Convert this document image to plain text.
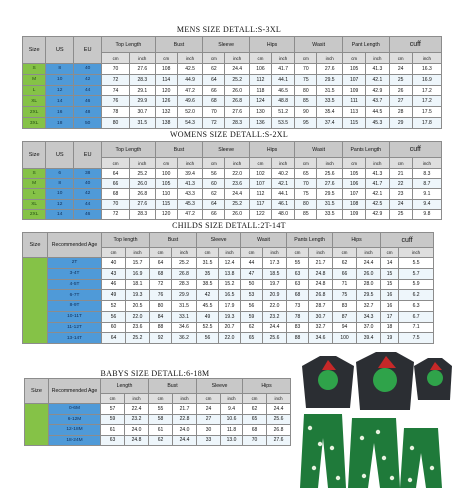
MENS SIZE DETALL:S-3XL
Size	US	EU	Top Length		Bust		Sleeve		Hips		Wasit		Pant Length		cuff	
			cm	inch	cm	inch	cm	inch	cm	inch	cm	inch	cm	inch	cm	inch
S	8	40	70	27.6	108	42.5	62	24.4	106	41.7	70	27.6	105	41.3	24	16.3
M	10	42	72	28.3	114	44.9	64	25.2	112	44.1	75	29.5	107	42.1	25	16.9
L	12	44	74	29.1	120	47.2	66	26.0	118	46.5	80	31.5	109	42.9	26	17.2
XL	14	46	76	29.9	126	49.6	68	26.8	124	48.8	85	33.5	111	43.7	27	17.2
2XL	16	48	78	30.7	132	52.0	70	27.6	130	51.2	90	35.4	113	44.5	28	17.5
3XL	18	50	80	31.5	138	54.3	72	28.3	136	53.5	95	37.4	115	45.3	29	17.8
WOMENS SIZE DETALL:S-2XL
Size	US	EU	Top Length		Bust		Sleeve		Hips		Wasit		Pants Length		cuff	
			cm	inch	cm	inch	cm	inch	cm	inch	cm	inch	cm	inch	cm	inch
S	6	38	64	25.2	100	39.4	56	22.0	102	40.2	65	25.6	105	41.3	21	8.3
M	8	40	66	26.0	105	41.3	60	23.6	107	42.1	70	27.6	106	41.7	22	8.7
L	10	42	68	26.8	110	43.3	62	24.4	112	44.1	75	29.5	107	42.1	23	9.1
XL	12	44	70	27.6	115	45.3	64	25.2	117	46.1	80	31.5	108	42.5	24	9.4
2XL	14	46	72	28.3	120	47.2	66	26.0	122	48.0	85	33.5	109	42.9	25	9.8
CHILDS SIZE DETALL:2T-14T
Size	Recommended Age	Top length		Bust		Sleeve		Wasit		Pants Length		Hips		cuff	
		cm	inch	cm	inch	cm	inch	cm	inch	cm	inch	cm	inch	cm	inch
	2T	40	15.7	64	25.2	31.5	12.4	44	17.3	55	21.7	62	24.4	14	5.5
	3-4T	43	16.9	68	26.8	35	13.8	47	18.5	63	24.8	66	26.0	15	5.7
	4-5T	46	18.1	72	28.3	38.5	15.2	50	19.7	63	24.8	71	28.0	15	5.9
	6-7T	49	19.3	76	29.9	42	16.5	53	20.9	68	26.8	75	29.5	16	6.2
	8-9T	52	20.5	80	31.5	45.5	17.9	56	22.0	73	28.7	83	32.7	16	6.3
	10-11T	56	22.0	84	33.1	49	19.3	59	23.2	78	30.7	87	34.3	17	6.7
	11-12T	60	23.6	88	34.6	52.5	20.7	62	24.4	83	32.7	94	37.0	18	7.1
	13-14T	64	25.2	92	36.2	56	22.0	65	25.6	88	34.6	100	39.4	19	7.5
BABYS SIZE DETALL:6-18M
Size	Recommended Age	Length		Bust		Sleeve		Hips	
		cm	inch	cm	inch	cm	inch	cm	inch
	0-6M	57	22.4	55	21.7	24	9.4	62	24.4
	6-12M	59	23.2	58	22.8	27	10.6	65	25.6
	12-18M	61	24.0	61	24.0	30	11.8	68	26.8
	18-24M	63	24.8	62	24.4	33	13.0	70	27.6
